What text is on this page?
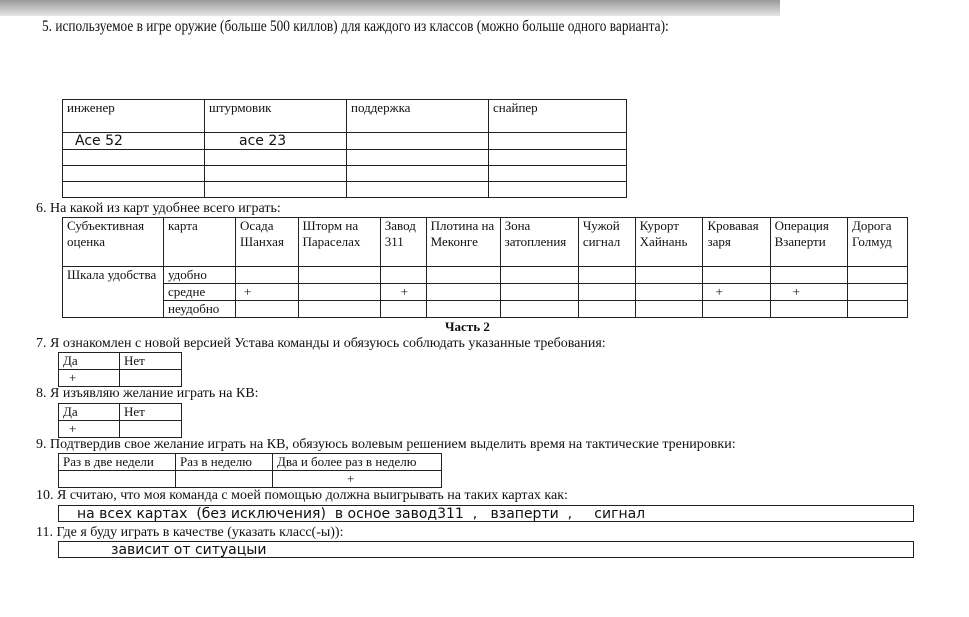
5. используемое в игре оружие (больше 500 киллов) для каждого из классов (можно больше одного варианта):
инженер	штурмовик	поддержка	снайпер
Ace 52	ace 23		

6. На какой из карт удобнее всего играть:
Субъективная оценка	карта	Осада Шанхая	Шторм на Параселах	Завод 311	Плотина на Меконге	Зона затопления	Чужой сигнал	Курорт Хайнань	Кровавая заря	Операция Взаперти	Дорога Голмуд
Шкала удобства	удобно										
	средне	+		+					+	+	
	неудобно										
Часть 2
7. Я ознакомлен с новой версией Устава команды и обязуюсь соблюдать указанные требования:
Да	Нет
+	
8. Я изъявляю желание играть на КВ:
Да	Нет
+	
9. Подтвердив свое желание играть на КВ, обязуюсь волевым решением выделить время на тактические тренировки:
Раз в две недели	Раз в неделю	Два и более раз в неделю
		+
10. Я считаю, что моя команда с моей помощью должна выигрывать на таких картах как:
на всех картах  (без исключения)  в осное завод311  ,   взаперти  ,     сигнал
11. Где я буду играть в качестве (указать класс(-ы)):
зависит от ситуацыи
